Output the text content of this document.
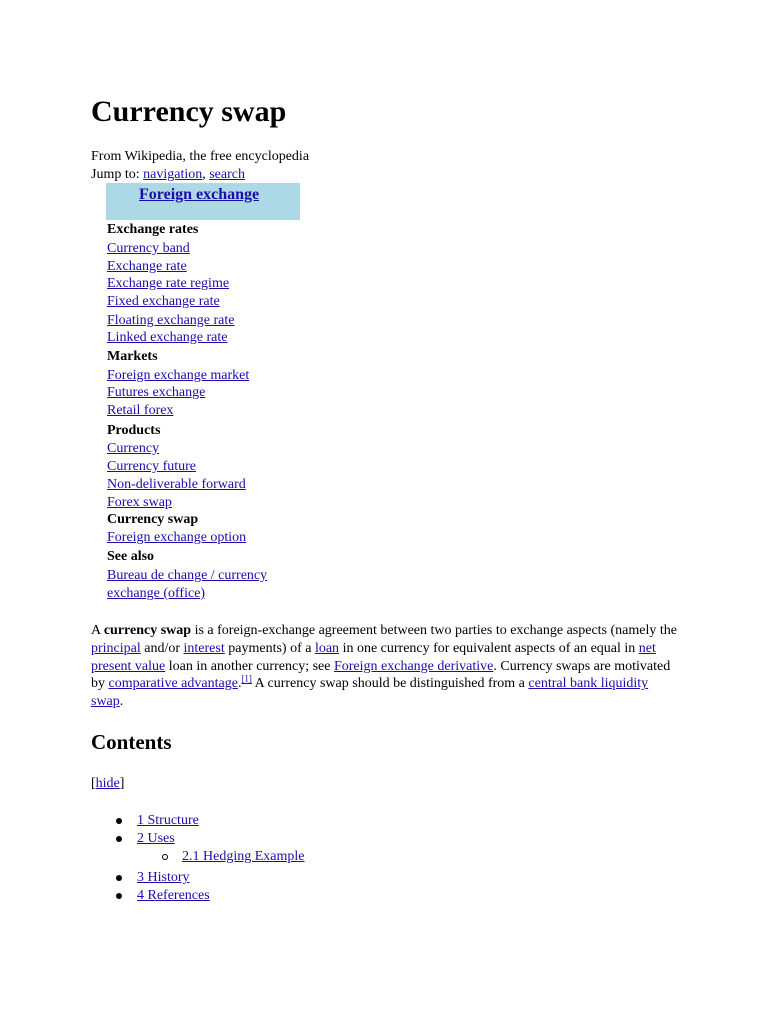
Currency swap
From Wikipedia, the free encyclopedia
Jump to: navigation, search
Foreign exchange
Exchange rates
Currency band
Exchange rate
Exchange rate regime
Fixed exchange rate
Floating exchange rate
Linked exchange rate
Markets
Foreign exchange market
Futures exchange
Retail forex
Products
Currency
Currency future
Non-deliverable forward
Forex swap
Currency swap
Foreign exchange option
See also
Bureau de change / currency
exchange (office)
A currency swap is a foreign-exchange agreement between two parties to exchange aspects (namely the principal and/or interest payments) of a loan in one currency for equivalent aspects of an equal in net present value loan in another currency; see Foreign exchange derivative. Currency swaps are motivated by comparative advantage.[1] A currency swap should be distinguished from a central bank liquidity swap.
Contents
[hide]
1 Structure
2 Uses
2.1 Hedging Example
3 History
4 References
